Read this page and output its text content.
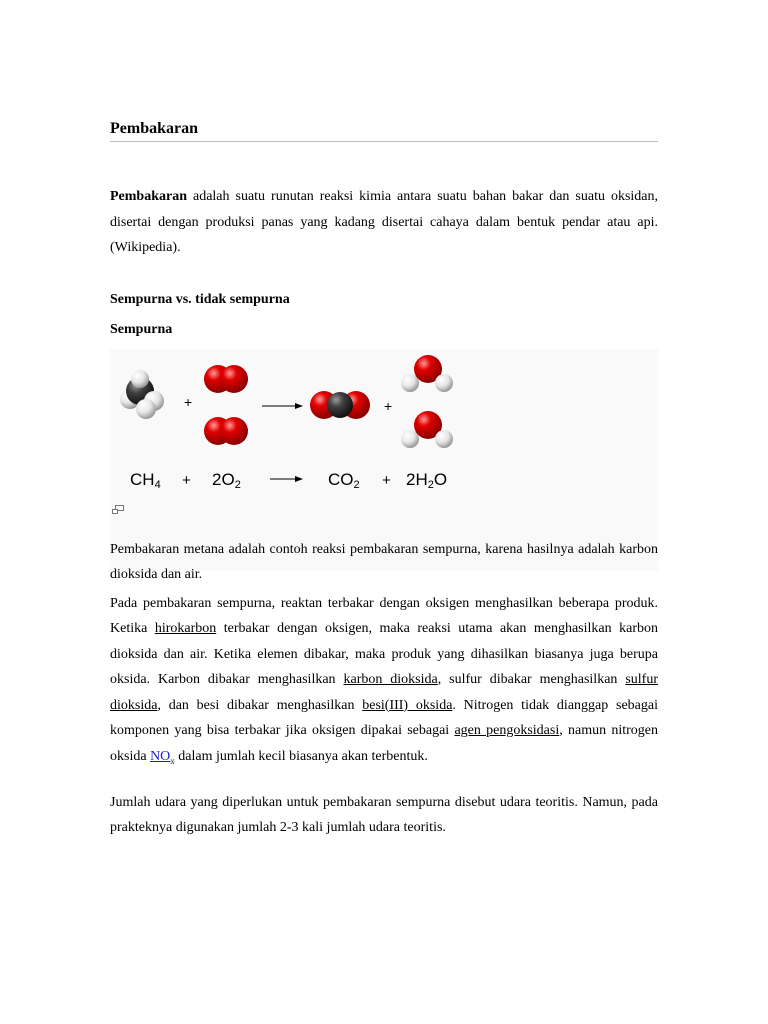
Pembakaran

Pembakaran adalah suatu runutan reaksi kimia antara suatu bahan bakar dan suatu oksidan, disertai dengan produksi panas yang kadang disertai cahaya dalam bentuk pendar atau api.(Wikipedia).

Sempurna vs. tidak sempurna

Sempurna

+	+
CH4 + 2O2	CO2 + 2H2O

Pembakaran metana adalah contoh reaksi pembakaran sempurna, karena hasilnya adalah karbon dioksida dan air.

Pada pembakaran sempurna, reaktan terbakar dengan oksigen menghasilkan beberapa produk. Ketika hirokarbon terbakar dengan oksigen, maka reaksi utama akan menghasilkan karbon dioksida dan air. Ketika elemen dibakar, maka produk yang dihasilkan biasanya juga berupa oksida. Karbon dibakar menghasilkan karbon dioksida, sulfur dibakar menghasilkan sulfur dioksida, dan besi dibakar menghasilkan besi(III) oksida. Nitrogen tidak dianggap sebagai komponen yang bisa terbakar jika oksigen dipakai sebagai agen pengoksidasi, namun nitrogen oksida $NO_x$ dalam jumlah kecil biasanya akan terbentuk.

Jumlah udara yang diperlukan untuk pembakaran sempurna disebut udara teoritis. Namun, pada prakteknya digunakan jumlah 2-3 kali jumlah udara teoritis.
